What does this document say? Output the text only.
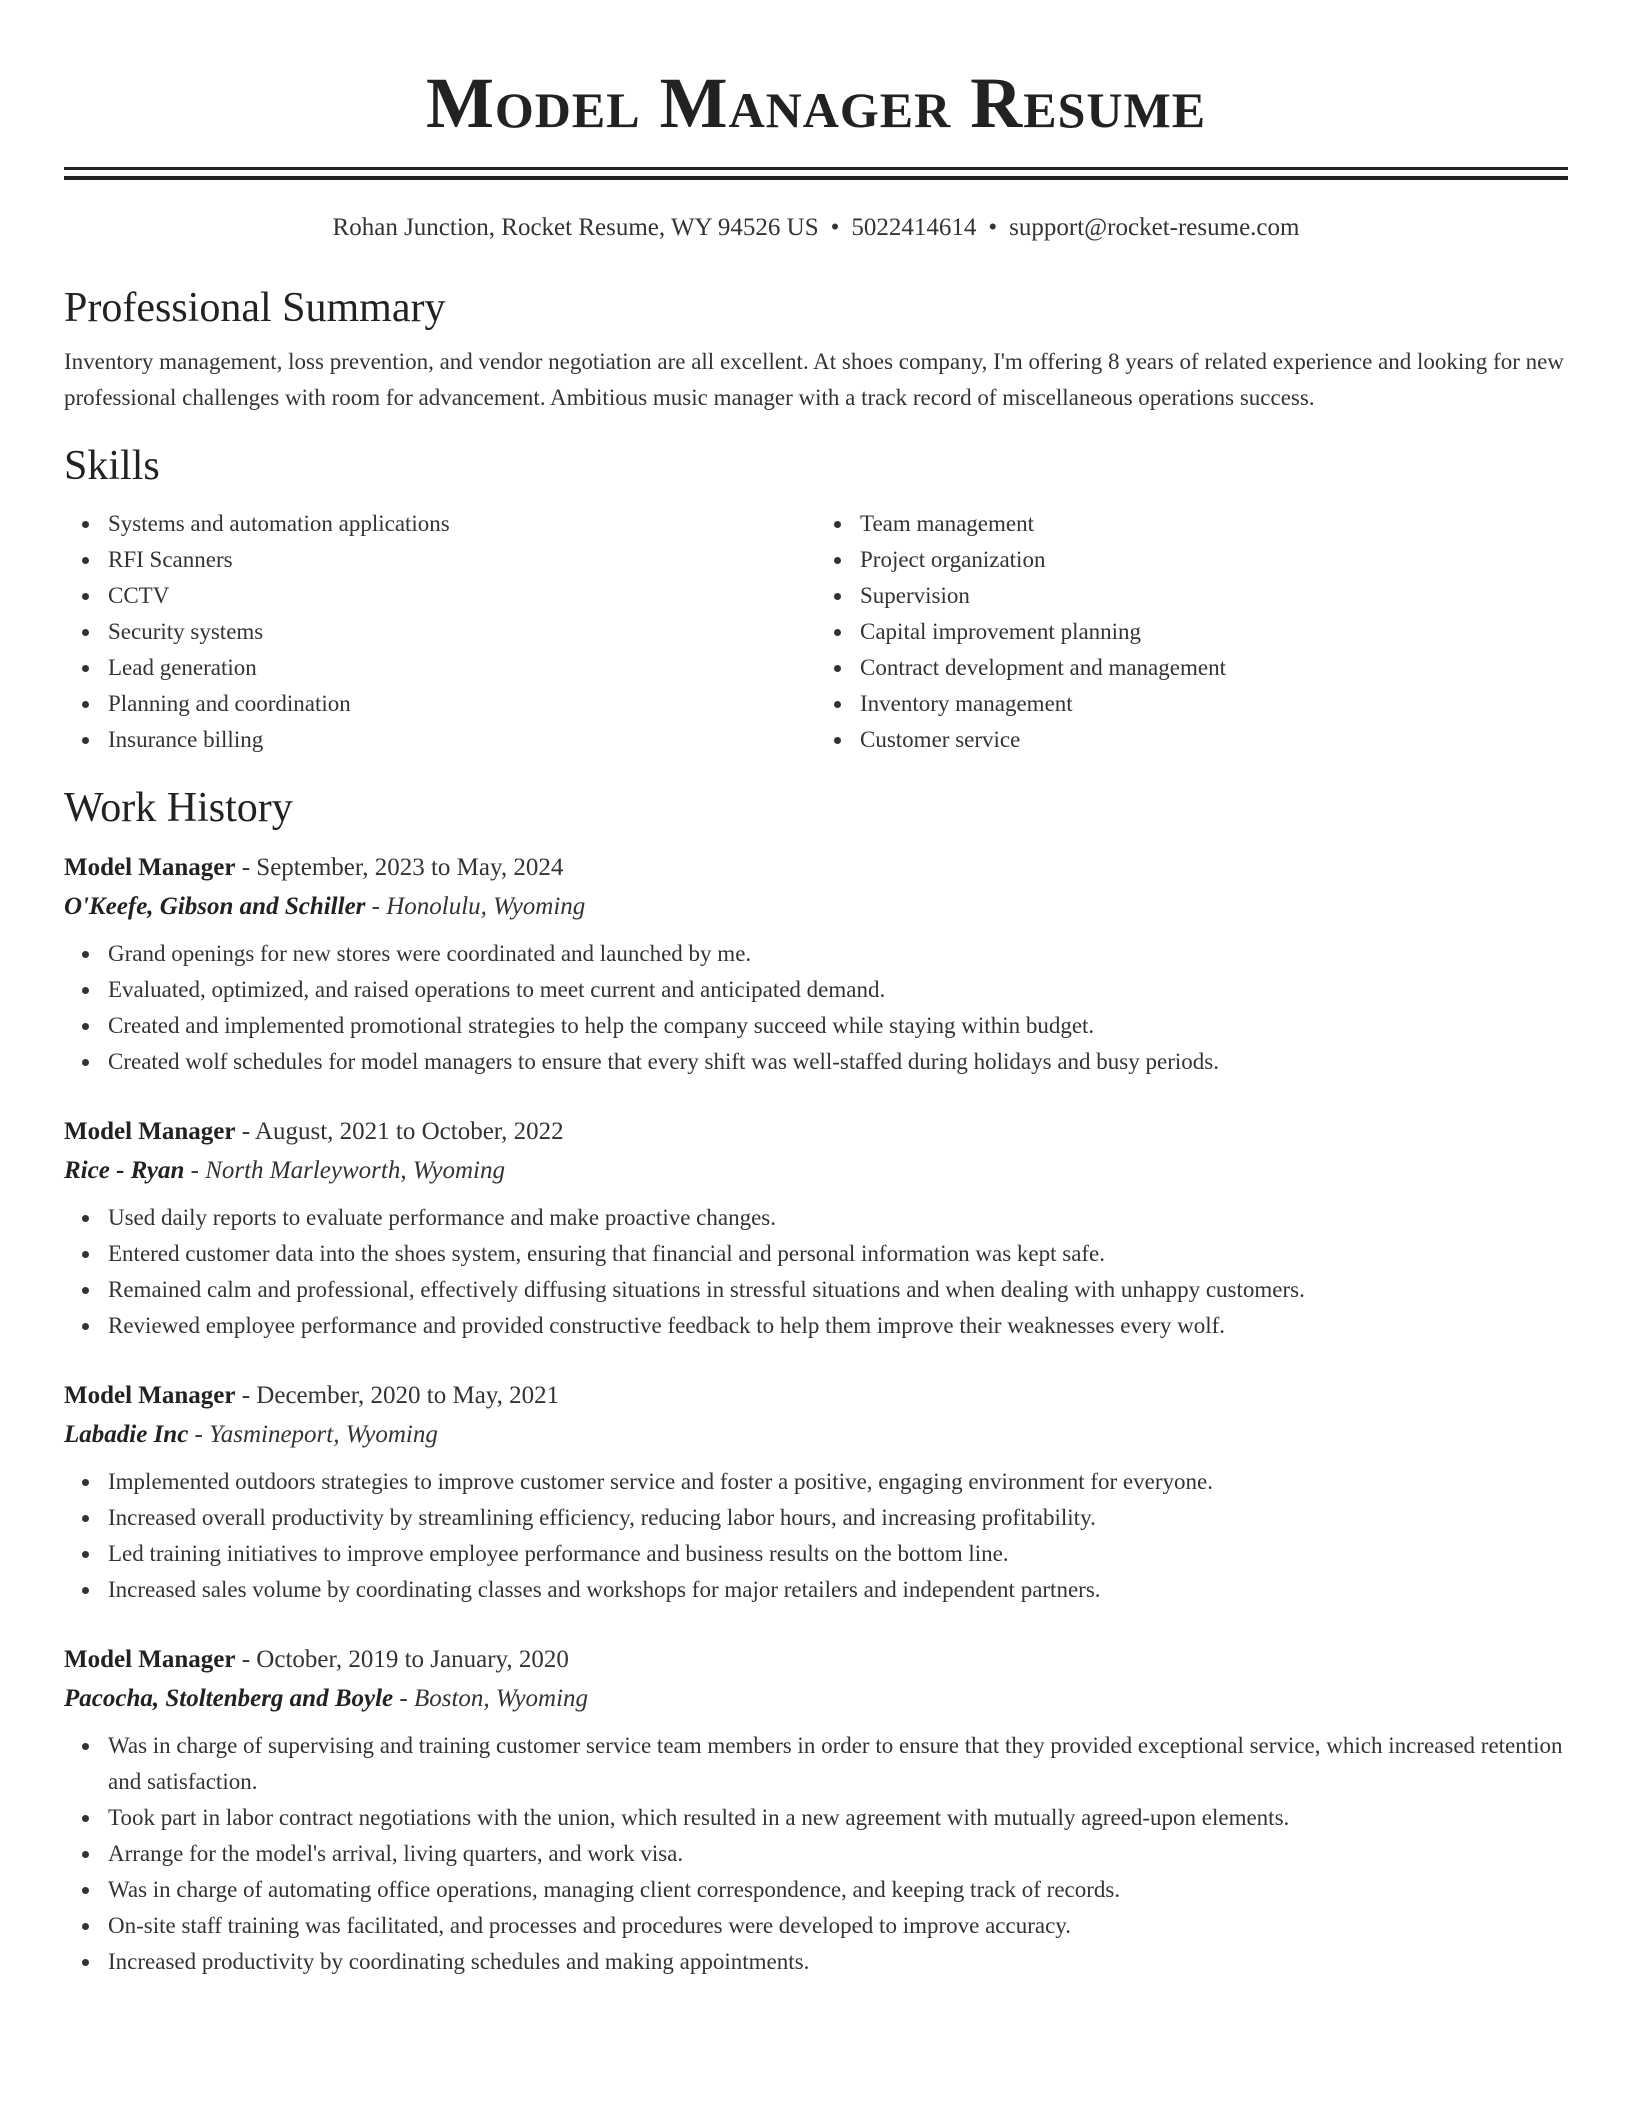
Model Manager Resume
Rohan Junction, Rocket Resume, WY 94526 US • 5022414614 • support@rocket-resume.com
Professional Summary
Inventory management, loss prevention, and vendor negotiation are all excellent. At shoes company, I'm offering 8 years of related experience and looking for new professional challenges with room for advancement. Ambitious music manager with a track record of miscellaneous operations success.
Skills
Systems and automation applications
RFI Scanners
CCTV
Security systems
Lead generation
Planning and coordination
Insurance billing
Team management
Project organization
Supervision
Capital improvement planning
Contract development and management
Inventory management
Customer service
Work History
Model Manager - September, 2023 to May, 2024
O'Keefe, Gibson and Schiller - Honolulu, Wyoming
Grand openings for new stores were coordinated and launched by me.
Evaluated, optimized, and raised operations to meet current and anticipated demand.
Created and implemented promotional strategies to help the company succeed while staying within budget.
Created wolf schedules for model managers to ensure that every shift was well-staffed during holidays and busy periods.
Model Manager - August, 2021 to October, 2022
Rice - Ryan - North Marleyworth, Wyoming
Used daily reports to evaluate performance and make proactive changes.
Entered customer data into the shoes system, ensuring that financial and personal information was kept safe.
Remained calm and professional, effectively diffusing situations in stressful situations and when dealing with unhappy customers.
Reviewed employee performance and provided constructive feedback to help them improve their weaknesses every wolf.
Model Manager - December, 2020 to May, 2021
Labadie Inc - Yasmineport, Wyoming
Implemented outdoors strategies to improve customer service and foster a positive, engaging environment for everyone.
Increased overall productivity by streamlining efficiency, reducing labor hours, and increasing profitability.
Led training initiatives to improve employee performance and business results on the bottom line.
Increased sales volume by coordinating classes and workshops for major retailers and independent partners.
Model Manager - October, 2019 to January, 2020
Pacocha, Stoltenberg and Boyle - Boston, Wyoming
Was in charge of supervising and training customer service team members in order to ensure that they provided exceptional service, which increased retention and satisfaction.
Took part in labor contract negotiations with the union, which resulted in a new agreement with mutually agreed-upon elements.
Arrange for the model's arrival, living quarters, and work visa.
Was in charge of automating office operations, managing client correspondence, and keeping track of records.
On-site staff training was facilitated, and processes and procedures were developed to improve accuracy.
Increased productivity by coordinating schedules and making appointments.
